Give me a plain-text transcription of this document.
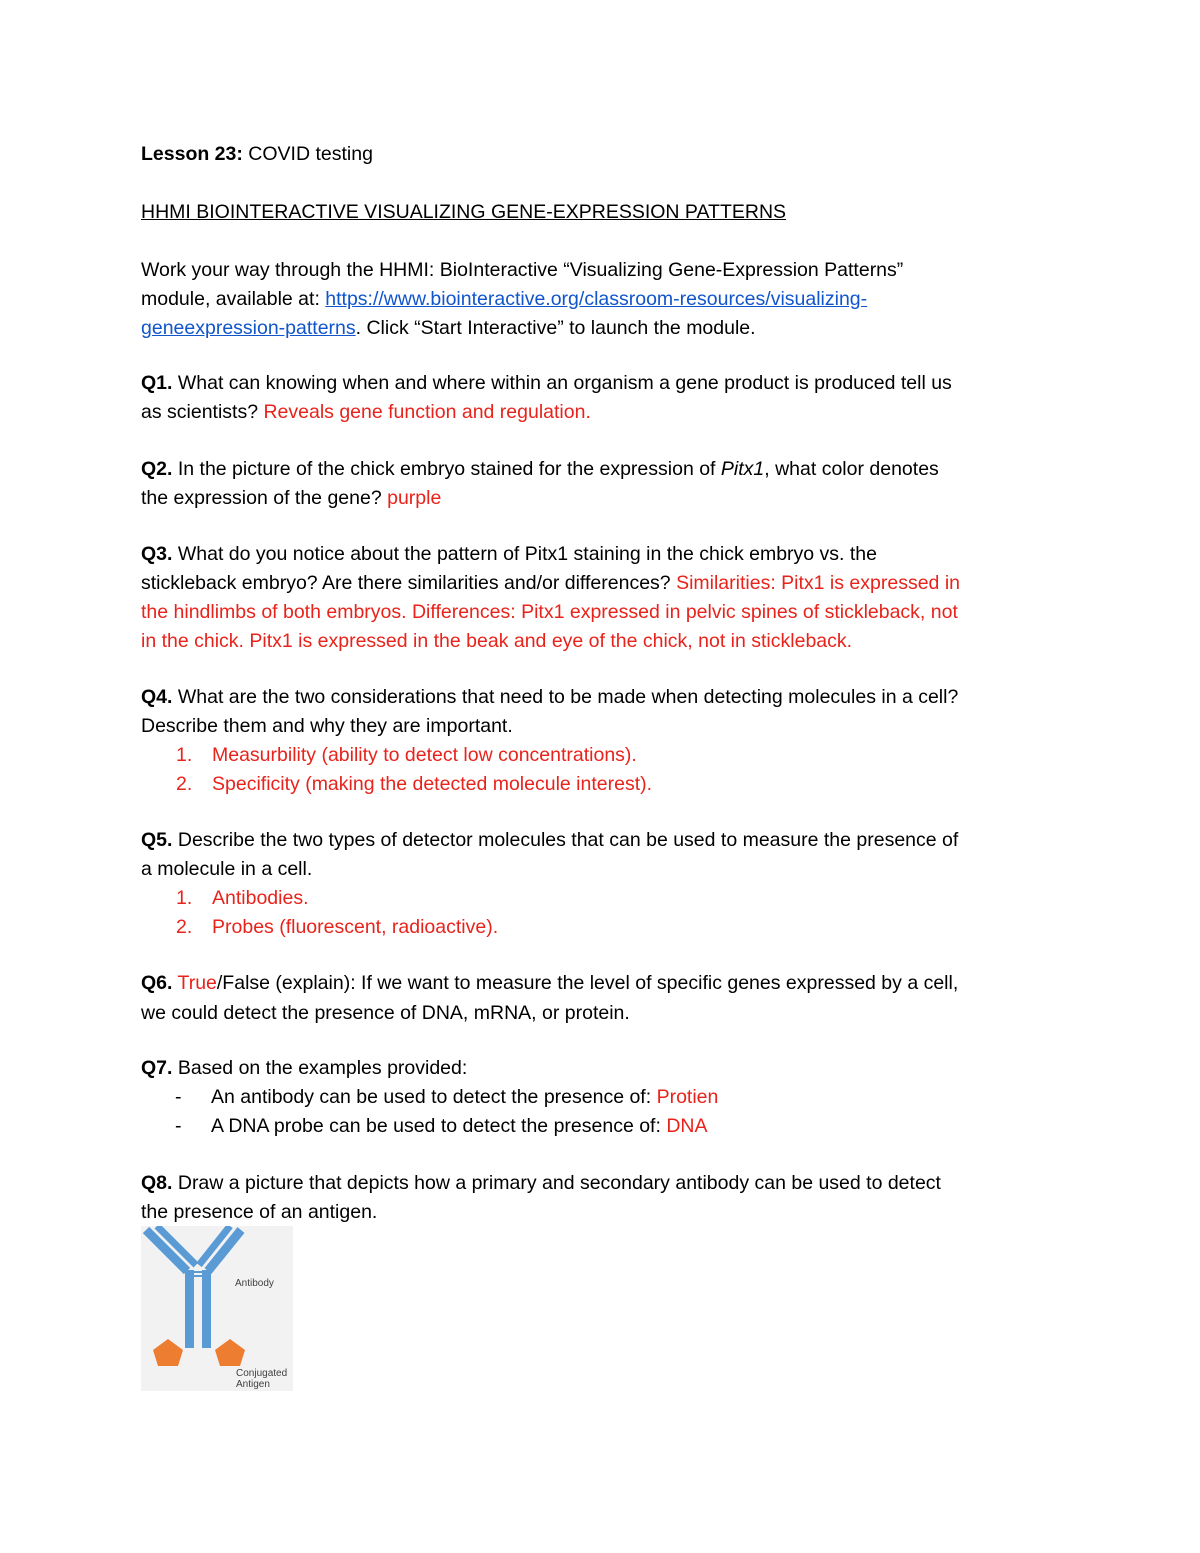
Lesson 23: COVID testing
HHMI BIOINTERACTIVE VISUALIZING GENE-EXPRESSION PATTERNS
Work your way through the HHMI: BioInteractive “Visualizing Gene-Expression Patterns”
module, available at: https://www.biointeractive.org/classroom-resources/visualizing-
geneexpression-patterns. Click “Start Interactive” to launch the module.
Q1. What can knowing when and where within an organism a gene product is produced tell us
as scientists? Reveals gene function and regulation.
Q2. In the picture of the chick embryo stained for the expression of Pitx1, what color denotes
the expression of the gene? purple
Q3. What do you notice about the pattern of Pitx1 staining in the chick embryo vs. the
stickleback embryo? Are there similarities and/or differences? Similarities: Pitx1 is expressed in
the hindlimbs of both embryos. Differences: Pitx1 expressed in pelvic spines of stickleback, not
in the chick. Pitx1 is expressed in the beak and eye of the chick, not in stickleback.
Q4. What are the two considerations that need to be made when detecting molecules in a cell?
Describe them and why they are important.
1. Measurbility (ability to detect low concentrations).
2. Specificity (making the detected molecule interest).
Q5. Describe the two types of detector molecules that can be used to measure the presence of
a molecule in a cell.
1. Antibodies.
2. Probes (fluorescent, radioactive).
Q6. True/False (explain): If we want to measure the level of specific genes expressed by a cell,
we could detect the presence of DNA, mRNA, or protein.
Q7. Based on the examples provided:
- An antibody can be used to detect the presence of: Protien
- A DNA probe can be used to detect the presence of: DNA
Q8. Draw a picture that depicts how a primary and secondary antibody can be used to detect
the presence of an antigen.
Antibody
Conjugated
Antigen
